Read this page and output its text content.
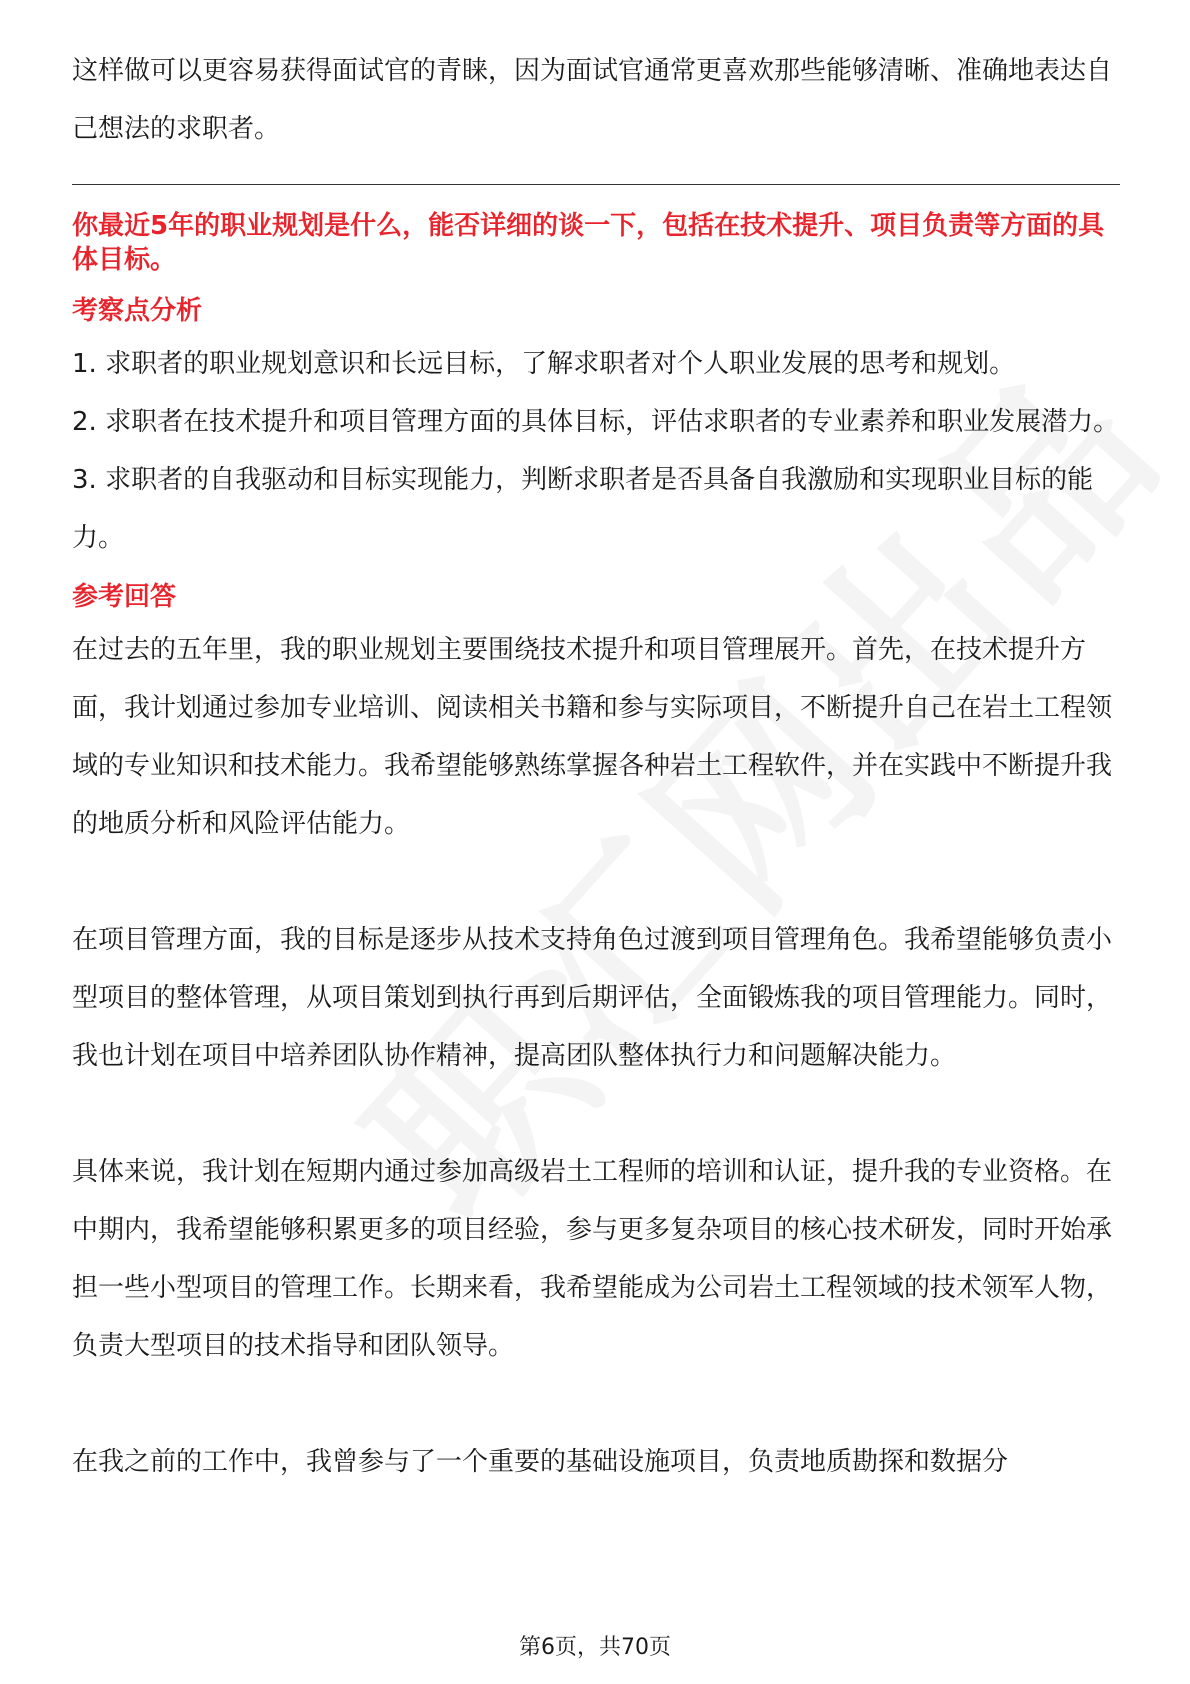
这样做可以更容易获得面试官的青睐，因为面试官通常更喜欢那些能够清晰、准确地表达自己想法的求职者。

你最近5年的职业规划是什么，能否详细的谈一下，包括在技术提升、项目负责等方面的具体目标。

考察点分析

1. 求职者的职业规划意识和长远目标，了解求职者对个人职业发展的思考和规划。

2. 求职者在技术提升和项目管理方面的具体目标，评估求职者的专业素养和职业发展潜力。

3. 求职者的自我驱动和目标实现能力，判断求职者是否具备自我激励和实现职业目标的能力。

参考回答

在过去的五年里，我的职业规划主要围绕技术提升和项目管理展开。首先，在技术提升方面，我计划通过参加专业培训、阅读相关书籍和参与实际项目，不断提升自己在岩土工程领域的专业知识和技术能力。我希望能够熟练掌握各种岩土工程软件，并在实践中不断提升我的地质分析和风险评估能力。

在项目管理方面，我的目标是逐步从技术支持角色过渡到项目管理角色。我希望能够负责小型项目的整体管理，从项目策划到执行再到后期评估，全面锻炼我的项目管理能力。同时，我也计划在项目中培养团队协作精神，提高团队整体执行力和问题解决能力。

具体来说，我计划在短期内通过参加高级岩土工程师的培训和认证，提升我的专业资格。在中期内，我希望能够积累更多的项目经验，参与更多复杂项目的核心技术研发，同时开始承担一些小型项目的管理工作。长期来看，我希望能成为公司岩土工程领域的技术领军人物，负责大型项目的技术指导和团队领导。

在我之前的工作中，我曾参与了一个重要的基础设施项目，负责地质勘探和数据分

第6页，共70页
